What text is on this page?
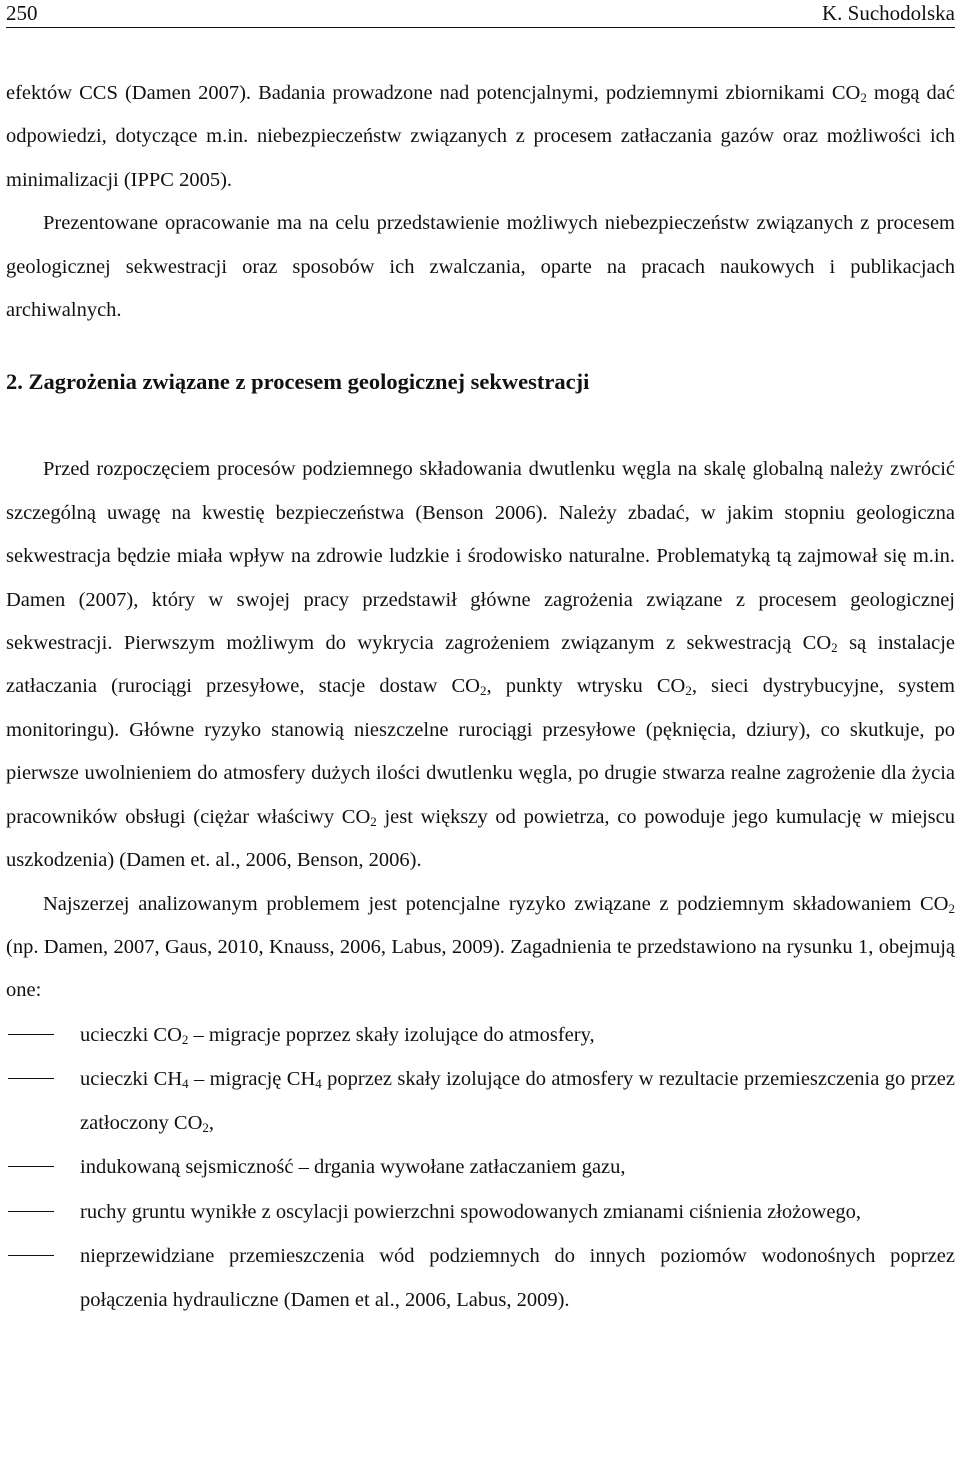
250	K. Suchodolska

efektów CCS (Damen 2007). Badania prowadzone nad potencjalnymi, podziemnymi zbiornikami $CO_2$ mogą dać odpowiedzi, dotyczące m.in. niebezpieczeństw związanych z procesem zatłaczania gazów oraz możliwości ich minimalizacji (IPPC 2005).

Prezentowane opracowanie ma na celu przedstawienie możliwych niebezpieczeństw związanych z procesem geologicznej sekwestracji oraz sposobów ich zwalczania, oparte na pracach naukowych i publikacjach archiwalnych.

2. Zagrożenia związane z procesem geologicznej sekwestracji

Przed rozpoczęciem procesów podziemnego składowania dwutlenku węgla na skalę globalną należy zwrócić szczególną uwagę na kwestię bezpieczeństwa (Benson 2006). Należy zbadać, w jakim stopniu geologiczna sekwestracja będzie miała wpływ na zdrowie ludzkie i środowisko naturalne. Problematyką tą zajmował się m.in. Damen (2007), który w swojej pracy przedstawił główne zagrożenia związane z procesem geologicznej sekwestracji. Pierwszym możliwym do wykrycia zagrożeniem związanym z sekwestracją $CO_2$ są instalacje zatłaczania (rurociągi przesyłowe, stacje dostaw $CO_2$, punkty wtrysku $CO_2$, sieci dystrybucyjne, system monitoringu). Główne ryzyko stanowią nieszczelne rurociągi przesyłowe (pęknięcia, dziury), co skutkuje, po pierwsze uwolnieniem do atmosfery dużych ilości dwutlenku węgla, po drugie stwarza realne zagrożenie dla życia pracowników obsługi (ciężar właściwy $CO_2$ jest większy od powietrza, co powoduje jego kumulację w miejscu uszkodzenia) (Damen et. al., 2006, Benson, 2006).

Najszerzej analizowanym problemem jest potencjalne ryzyko związane z podziemnym składowaniem $CO_2$ (np. Damen, 2007, Gaus, 2010, Knauss, 2006, Labus, 2009). Zagadnienia te przedstawiono na rysunku 1, obejmują one:

ucieczki $CO_2$ – migracje poprzez skały izolujące do atmosfery,
ucieczki $CH_4$ – migrację $CH_4$ poprzez skały izolujące do atmosfery w rezultacie przemieszczenia go przez zatłoczony $CO_2$,
indukowaną sejsmiczność – drgania wywołane zatłaczaniem gazu,
ruchy gruntu wynikłe z oscylacji powierzchni spowodowanych zmianami ciśnienia złożowego,
nieprzewidziane przemieszczenia wód podziemnych do innych poziomów wodonośnych poprzez połączenia hydrauliczne (Damen et al., 2006, Labus, 2009).
